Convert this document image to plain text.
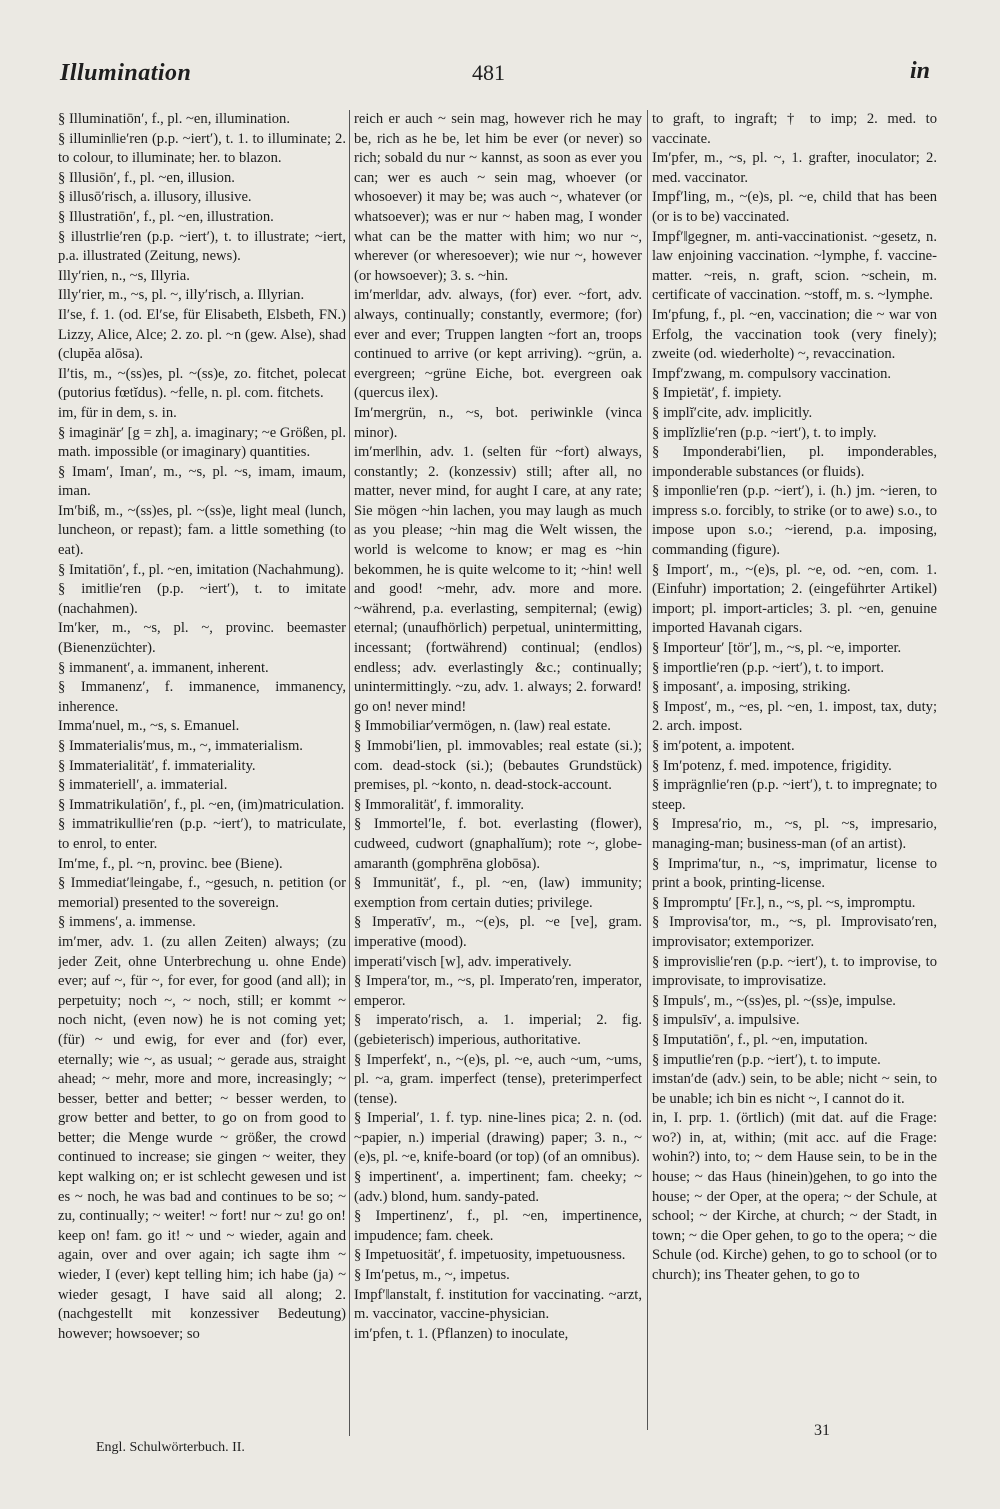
Illumination	481	in

§ Illuminatiōn′, f., pl. ~en, illumination.

§ illumin‖ie′ren (p.p. ~iert′), t. 1. to illuminate; 2. to colour, to illuminate; her. to blazon.

§ Illusiōn′, f., pl. ~en, illusion.

§ illusō′risch, a. illusory, illusive.

§ Illustratiōn′, f., pl. ~en, illustration.

§ illustr‖ie′ren (p.p. ~iert′), t. to illustrate; ~iert, p.a. illustrated (Zeitung, news).

Illy′rien, n., ~s, Illyria.

Illy′rier, m., ~s, pl. ~, illy′risch, a. Illyrian.

Il′se, f. 1. (od. El′se, für Elisabeth, Elsbeth, FN.) Lizzy, Alice, Alce; 2. zo. pl. ~n (gew. Alse), shad (clupĕa alōsa).

Il′tis, m., ~(ss)es, pl. ~(ss)e, zo. fitchet, polecat (putorius fœtĭdus). ~felle, n. pl. com. fitchets.

im, für in dem, s. in.

§ imaginär′ [g = zh], a. imaginary; ~e Größen, pl. math. impossible (or imaginary) quantities.

§ Imam′, Iman′, m., ~s, pl. ~s, imam, imaum, iman.

Im′biß, m., ~(ss)es, pl. ~(ss)e, light meal (lunch, luncheon, or repast); fam. a little something (to eat).

§ Imitatiōn′, f., pl. ~en, imitation (Nachahmung).

§ imit‖ie′ren (p.p. ~iert′), t. to imitate (nachahmen).

Im′ker, m., ~s, pl. ~, provinc. beemaster (Bienenzüchter).

§ immanent′, a. immanent, inherent.

§ Immanenz′, f. immanence, immanency, inherence.

Imma′nuel, m., ~s, s. Emanuel.

§ Immaterialis′mus, m., ~, immaterialism.

§ Immaterialität′, f. immateriality.

§ immateriell′, a. immaterial.

§ Immatrikulatiōn′, f., pl. ~en, (im)matriculation.

§ immatrikul‖ie′ren (p.p. ~iert′), to matriculate, to enrol, to enter.

Im′me, f., pl. ~n, provinc. bee (Biene).

§ Immediat′‖eingabe, f., ~gesuch, n. petition (or memorial) presented to the sovereign.

§ immens′, a. immense.

im′mer, adv. 1. (zu allen Zeiten) always; (zu jeder Zeit, ohne Unterbrechung u. ohne Ende) ever; auf ~, für ~, for ever, for good (and all); in perpetuity; noch ~, ~ noch, still; er kommt ~ noch nicht, (even now) he is not coming yet; (für) ~ und ewig, for ever and (for) ever, eternally; wie ~, as usual; ~ gerade aus, straight ahead; ~ mehr, more and more, increasingly; ~ besser, better and better; ~ besser werden, to grow better and better, to go on from good to better; die Menge wurde ~ größer, the crowd continued to increase; sie gingen ~ weiter, they kept walking on; er ist schlecht gewesen und ist es ~ noch, he was bad and continues to be so; ~ zu, continually; ~ weiter! ~ fort! nur ~ zu! go on! keep on! fam. go it! ~ und ~ wieder, again and again, over and over again; ich sagte ihm ~ wieder, I (ever) kept telling him; ich habe (ja) ~ wieder gesagt, I have said all along; 2. (nachgestellt mit konzessiver Bedeutung) however; howsoever; so

reich er auch ~ sein mag, however rich he may be, rich as he be, let him be ever (or never) so rich; sobald du nur ~ kannst, as soon as ever you can; wer es auch ~ sein mag, whoever (or whosoever) it may be; was auch ~, whatever (or whatsoever); was er nur ~ haben mag, I wonder what can be the matter with him; wo nur ~, wherever (or wheresoever); wie nur ~, however (or howsoever); 3. s. ~hin.

im′mer‖dar, adv. always, (for) ever. ~fort, adv. always, continually; constantly, evermore; (for) ever and ever; Truppen langten ~fort an, troops continued to arrive (or kept arriving). ~grün, a. evergreen; ~grüne Eiche, bot. evergreen oak (quercus ilex).

Im′mergrün, n., ~s, bot. periwinkle (vinca minor).

im′mer‖hin, adv. 1. (selten für ~fort) always, constantly; 2. (konzessiv) still; after all, no matter, never mind, for aught I care, at any rate; Sie mögen ~hin lachen, you may laugh as much as you please; ~hin mag die Welt wissen, the world is welcome to know; er mag es ~hin bekommen, he is quite welcome to it; ~hin! well and good! ~mehr, adv. more and more. ~während, p.a. everlasting, sempiternal; (ewig) eternal; (unaufhörlich) perpetual, unintermitting, incessant; (fortwährend) continual; (endlos) endless; adv. everlastingly &c.; continually; unintermittingly. ~zu, adv. 1. always; 2. forward! go on! never mind!

§ Immobiliar′vermögen, n. (law) real estate.

§ Immobi′lien, pl. immovables; real estate (si.); com. dead-stock (si.); (bebautes Grundstück) premises, pl. ~konto, n. dead-stock-account.

§ Immoralität′, f. immorality.

§ Immortel′le, f. bot. everlasting (flower), cudweed, cudwort (gnaphalĭum); rote ~, globe-amaranth (gomphrēna globōsa).

§ Immunität′, f., pl. ~en, (law) immunity; exemption from certain duties; privilege.

§ Imperatīv′, m., ~(e)s, pl. ~e [ve], gram. imperative (mood).

imperati′visch [w], adv. imperatively.

§ Impera′tor, m., ~s, pl. Imperato′ren, imperator, emperor.

§ imperato′risch, a. 1. imperial; 2. fig. (gebieterisch) imperious, authoritative.

§ Imperfekt′, n., ~(e)s, pl. ~e, auch ~um, ~ums, pl. ~a, gram. imperfect (tense), preterimperfect (tense).

§ Imperial′, 1. f. typ. nine-lines pica; 2. n. (od. ~papier, n.) imperial (drawing) paper; 3. n., ~(e)s, pl. ~e, knife-board (or top) (of an omnibus).

§ impertinent′, a. impertinent; fam. cheeky; ~ (adv.) blond, hum. sandy-pated.

§ Impertinenz′, f., pl. ~en, impertinence, impudence; fam. cheek.

§ Impetuosität′, f. impetuosity, impetuousness.

§ Im′petus, m., ~, impetus.

Impf′‖anstalt, f. institution for vaccinating. ~arzt, m. vaccinator, vaccine-physician.

im′pfen, t. 1. (Pflanzen) to inoculate,

to graft, to ingraft; † to imp; 2. med. to vaccinate.

Im′pfer, m., ~s, pl. ~, 1. grafter, inoculator; 2. med. vaccinator.

Impf′ling, m., ~(e)s, pl. ~e, child that has been (or is to be) vaccinated.

Impf′‖gegner, m. anti-vaccinationist. ~gesetz, n. law enjoining vaccination. ~lymphe, f. vaccine-matter. ~reis, n. graft, scion. ~schein, m. certificate of vaccination. ~stoff, m. s. ~lymphe.

Im′pfung, f., pl. ~en, vaccination; die ~ war von Erfolg, the vaccination took (very finely); zweite (od. wiederholte) ~, revaccination.

Impf′zwang, m. compulsory vaccination.

§ Impietät′, f. impiety.

§ implĭ′cite, adv. implicitly.

§ implĭz‖ie′ren (p.p. ~iert′), t. to imply.

§ Imponderabi′lien, pl. imponderables, imponderable substances (or fluids).

§ impon‖ie′ren (p.p. ~iert′), i. (h.) jm. ~ieren, to impress s.o. forcibly, to strike (or to awe) s.o., to impose upon s.o.; ~ierend, p.a. imposing, commanding (figure).

§ Import′, m., ~(e)s, pl. ~e, od. ~en, com. 1. (Einfuhr) importation; 2. (eingeführter Artikel) import; pl. import-articles; 3. pl. ~en, genuine imported Havanah cigars.

§ Importeur′ [tör′], m., ~s, pl. ~e, importer.

§ import‖ie′ren (p.p. ~iert′), t. to import.

§ imposant′, a. imposing, striking.

§ Impost′, m., ~es, pl. ~en, 1. impost, tax, duty; 2. arch. impost.

§ im′potent, a. impotent.

§ Im′potenz, f. med. impotence, frigidity.

§ imprägn‖ie′ren (p.p. ~iert′), t. to impregnate; to steep.

§ Impresa′rio, m., ~s, pl. ~s, impresario, managing-man; business-man (of an artist).

§ Imprima′tur, n., ~s, imprimatur, license to print a book, printing-license.

§ Impromptu′ [Fr.], n., ~s, pl. ~s, impromptu.

§ Improvisa′tor, m., ~s, pl. Improvisato′ren, improvisator; extemporizer.

§ improvis‖ie′ren (p.p. ~iert′), t. to improvise, to improvisate, to improvisatize.

§ Impuls′, m., ~(ss)es, pl. ~(ss)e, impulse.

§ impulsīv′, a. impulsive.

§ Imputatiōn′, f., pl. ~en, imputation.

§ imput‖ie′ren (p.p. ~iert′), t. to impute.

imstan′de (adv.) sein, to be able; nicht ~ sein, to be unable; ich bin es nicht ~, I cannot do it.

in, I. prp. 1. (örtlich) (mit dat. auf die Frage: wo?) in, at, within; (mit acc. auf die Frage: wohin?) into, to; ~ dem Hause sein, to be in the house; ~ das Haus (hinein)gehen, to go into the house; ~ der Oper, at the opera; ~ der Schule, at school; ~ der Kirche, at church; ~ der Stadt, in town; ~ die Oper gehen, to go to the opera; ~ die Schule (od. Kirche) gehen, to go to school (or to church); ins Theater gehen, to go to

Engl. Schulwörterbuch. II.
31
